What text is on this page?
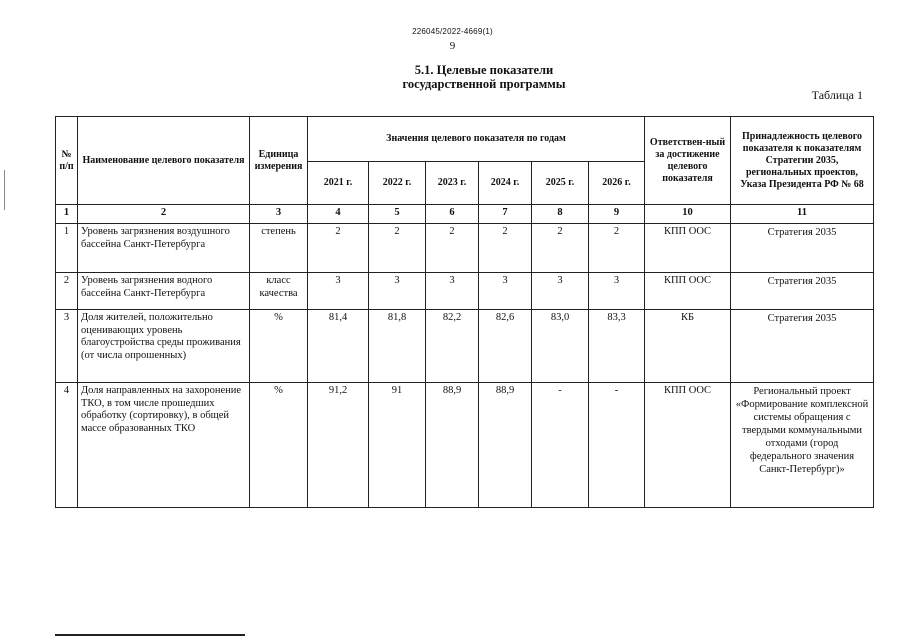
226045/2022-4669(1)
9
5.1. Целевые показатели государственной программы
Таблица 1
№ п/п	Наименование целевого показателя	Единица измерения	Значения целевого показателя по годам						Ответствен-ный за достижение целевого показателя	Принадлежность целевого показателя к показателям Стратегии 2035, региональных проектов, Указа Президента РФ № 68
			2021 г.	2022 г.	2023 г.	2024 г.	2025 г.	2026 г.		
1	2	3	4	5	6	7	8	9	10	11
1	Уровень загрязнения воздушного бассейна Санкт-Петербурга	степень	2	2	2	2	2	2	КПП ООС	Стратегия 2035
2	Уровень загрязнения водного бассейна Санкт-Петербурга	класс качества	3	3	3	3	3	3	КПП ООС	Стратегия 2035
3	Доля жителей, положительно оценивающих уровень благоустройства среды проживания (от числа опрошенных)	%	81,4	81,8	82,2	82,6	83,0	83,3	КБ	Стратегия 2035
4	Доля направленных на захоронение ТКО, в том числе прошедших обработку (сортировку), в общей массе образованных ТКО	%	91,2	91	88,9	88,9	-	-	КПП ООС	Региональный проект «Формирование комплексной системы обращения с твердыми коммунальными отходами (город федерального значения Санкт-Петербург)»
